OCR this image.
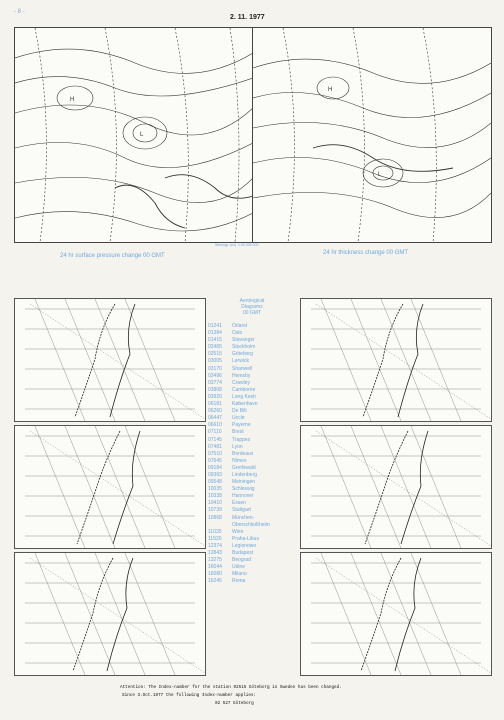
- 8 -
2. 11. 1977
L
H
L
H
Stereogr. proj. 1:40 000 000
24 hr surface pressure change 00 GMT	24 hr thickness change 00 GMT
Aerological
Diagrams
00 GMT
01241	Orland
01384	Oslo
01415	Stavanger
02465	Stockholm
02515	Göteborg
03005	Lerwick
03170	Shanwell
03496	Hemsby
03774	Crawley
03808	Camborne
03920	Long Kesh
06181	København
06260	De Bilt
06447	Uccle
06610	Payerne
07110	Brest
07145	Trappes
07481	Lyon
07510	Bordeaux
07645	Nîmes
09184	Greifswald
09393	Lindenberg
09548	Meiningen
10035	Schleswig
10338	Hannover
10410	Essen
10739	Stuttgart
10868	München-
Oberschleißheim
11035	Wien
11520	Praha-Libus
12374	Legionowo
12843	Budapest
13275	Beograd
16044	Udine
16080	Milano
16245	Roma
Attention: The Index-number for the station 02515 Göteborg in Sweden has been changed.
Since 3.Oct.1977 the following Index-number applies:
02 527 Göteborg
